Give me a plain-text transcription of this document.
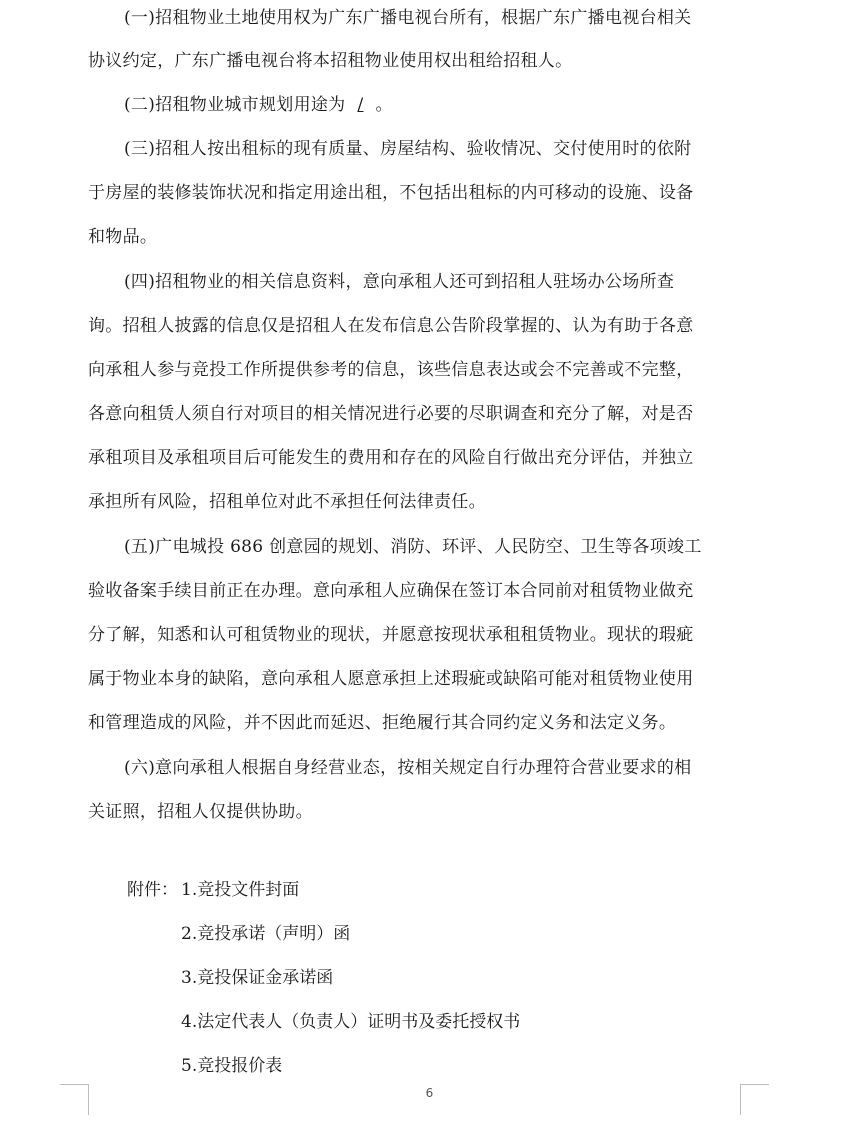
(一)招租物业土地使用权为广东广播电视台所有，根据广东广播电视台相关
协议约定，广东广播电视台将本招租物业使用权出租给招租人。
(二)招租物业城市规划用途为 / 。
(三)招租人按出租标的现有质量、房屋结构、验收情况、交付使用时的依附
于房屋的装修装饰状况和指定用途出租，不包括出租标的内可移动的设施、设备
和物品。
(四)招租物业的相关信息资料，意向承租人还可到招租人驻场办公场所查
询。招租人披露的信息仅是招租人在发布信息公告阶段掌握的、认为有助于各意
向承租人参与竞投工作所提供参考的信息，该些信息表达或会不完善或不完整，
各意向租赁人须自行对项目的相关情况进行必要的尽职调查和充分了解，对是否
承租项目及承租项目后可能发生的费用和存在的风险自行做出充分评估，并独立
承担所有风险，招租单位对此不承担任何法律责任。
(五)广电城投 686 创意园的规划、消防、环评、人民防空、卫生等各项竣工
验收备案手续目前正在办理。意向承租人应确保在签订本合同前对租赁物业做充
分了解，知悉和认可租赁物业的现状，并愿意按现状承租租赁物业。现状的瑕疵
属于物业本身的缺陷，意向承租人愿意承担上述瑕疵或缺陷可能对租赁物业使用
和管理造成的风险，并不因此而延迟、拒绝履行其合同约定义务和法定义务。
(六)意向承租人根据自身经营业态，按相关规定自行办理符合营业要求的相
关证照，招租人仅提供协助。
附件： 1.竞投文件封面
2.竞投承诺（声明）函
3.竞投保证金承诺函
4.法定代表人（负责人）证明书及委托授权书
5.竞投报价表
6
